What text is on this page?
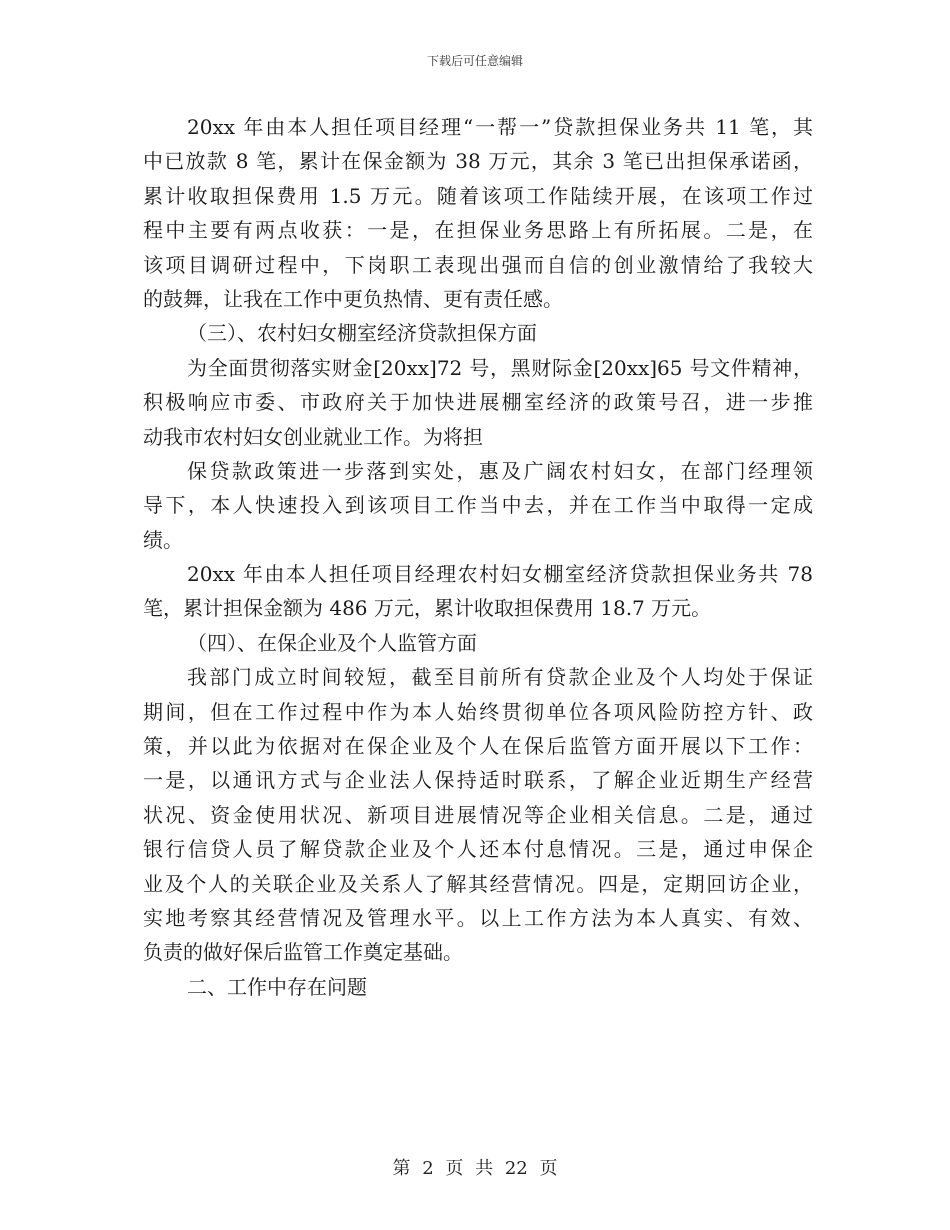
下载后可任意编辑
20xx 年由本人担任项目经理“一帮一”贷款担保业务共 11 笔，其
中已放款 8 笔，累计在保金额为 38 万元，其余 3 笔已出担保承诺函，
累计收取担保费用 1.5 万元。随着该项工作陆续开展，在该项工作过
程中主要有两点收获：一是，在担保业务思路上有所拓展。二是，在
该项目调研过程中，下岗职工表现出强而自信的创业激情给了我较大
的鼓舞，让我在工作中更负热情、更有责任感。
（三）、农村妇女棚室经济贷款担保方面
为全面贯彻落实财金[20xx]72 号，黑财际金[20xx]65 号文件精神，
积极响应市委、市政府关于加快进展棚室经济的政策号召，进一步推
动我市农村妇女创业就业工作。为将担
保贷款政策进一步落到实处，惠及广阔农村妇女，在部门经理领
导下，本人快速投入到该项目工作当中去，并在工作当中取得一定成
绩。
20xx 年由本人担任项目经理农村妇女棚室经济贷款担保业务共 78
笔，累计担保金额为 486 万元，累计收取担保费用 18.7 万元。
（四）、在保企业及个人监管方面
我部门成立时间较短，截至目前所有贷款企业及个人均处于保证
期间，但在工作过程中作为本人始终贯彻单位各项风险防控方针、政
策，并以此为依据对在保企业及个人在保后监管方面开展以下工作：
一是，以通讯方式与企业法人保持适时联系，了解企业近期生产经营
状况、资金使用状况、新项目进展情况等企业相关信息。二是，通过
银行信贷人员了解贷款企业及个人还本付息情况。三是，通过申保企
业及个人的关联企业及关系人了解其经营情况。四是，定期回访企业，
实地考察其经营情况及管理水平。以上工作方法为本人真实、有效、
负责的做好保后监管工作奠定基础。
二、工作中存在问题
第 2 页 共 22 页
